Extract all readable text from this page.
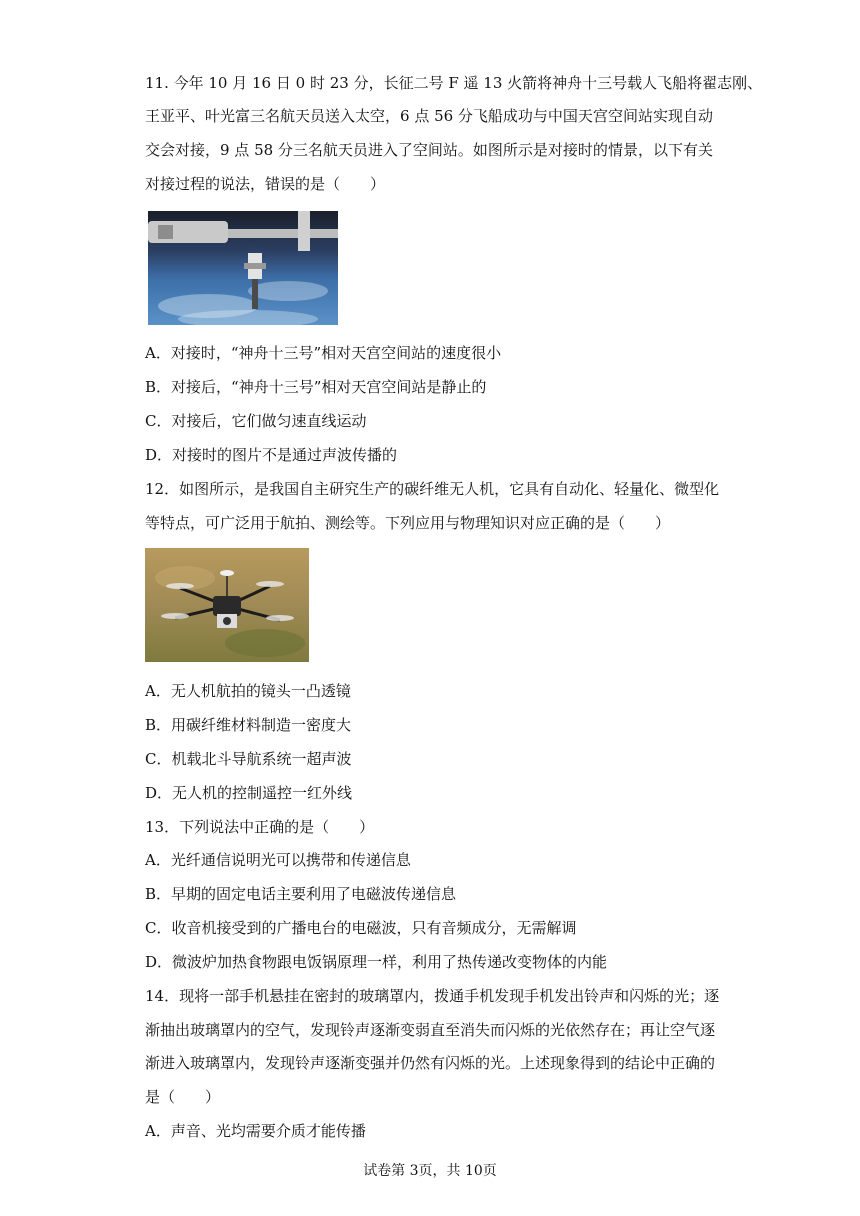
11. 今年 10 月 16 日 0 时 23 分，长征二号 F 遥 13 火箭将神舟十三号载人飞船将翟志刚、
王亚平、叶光富三名航天员送入太空，6 点 56 分飞船成功与中国天宫空间站实现自动
交会对接，9 点 58 分三名航天员进入了空间站。如图所示是对接时的情景，以下有关
对接过程的说法，错误的是（　　）
A．对接时，“神舟十三号”相对天宫空间站的速度很小
B．对接后，“神舟十三号”相对天宫空间站是静止的
C．对接后，它们做匀速直线运动
D．对接时的图片不是通过声波传播的
12．如图所示，是我国自主研究生产的碳纤维无人机，它具有自动化、轻量化、微型化
等特点，可广泛用于航拍、测绘等。下列应用与物理知识对应正确的是（　　）
A．无人机航拍的镜头一凸透镜
B．用碳纤维材料制造一密度大
C．机载北斗导航系统一超声波
D．无人机的控制遥控一红外线
13．下列说法中正确的是（　　）
A．光纤通信说明光可以携带和传递信息
B．早期的固定电话主要利用了电磁波传递信息
C．收音机接受到的广播电台的电磁波，只有音频成分，无需解调
D．微波炉加热食物跟电饭锅原理一样，利用了热传递改变物体的内能
14．现将一部手机悬挂在密封的玻璃罩内，拨通手机发现手机发出铃声和闪烁的光；逐
渐抽出玻璃罩内的空气，发现铃声逐渐变弱直至消失而闪烁的光依然存在；再让空气逐
渐进入玻璃罩内，发现铃声逐渐变强并仍然有闪烁的光。上述现象得到的结论中正确的
是（　　）
A．声音、光均需要介质才能传播
试卷第 3页，共 10页
